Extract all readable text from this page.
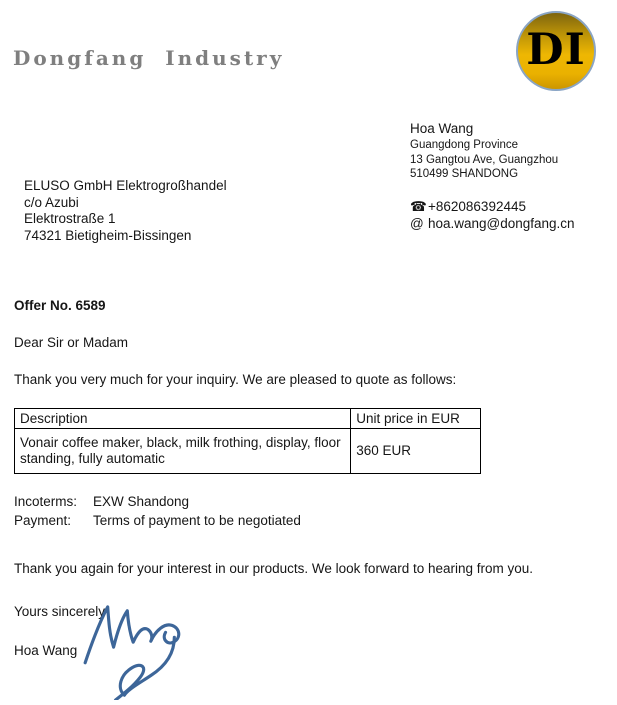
Dongfang Industry	DI
Hoa Wang
Guangdong Province
13 Gangtou Ave, Guangzhou
510499 SHANDONG
☎+862086392445
@ hoa.wang@dongfang.cn
ELUSO GmbH Elektrogroßhandel
c/o Azubi
Elektrostraße 1
74321 Bietigheim-Bissingen
Offer No. 6589
Dear Sir or Madam
Thank you very much for your inquiry. We are pleased to quote as follows:
Description	Unit price in EUR
Vonair coffee maker, black, milk frothing, display, floor standing, fully automatic	360 EUR
Incoterms:	EXW Shandong
Payment:	Terms of payment to be negotiated
Thank you again for your interest in our products. We look forward to hearing from you.
Yours sincerely
Hoa Wang
